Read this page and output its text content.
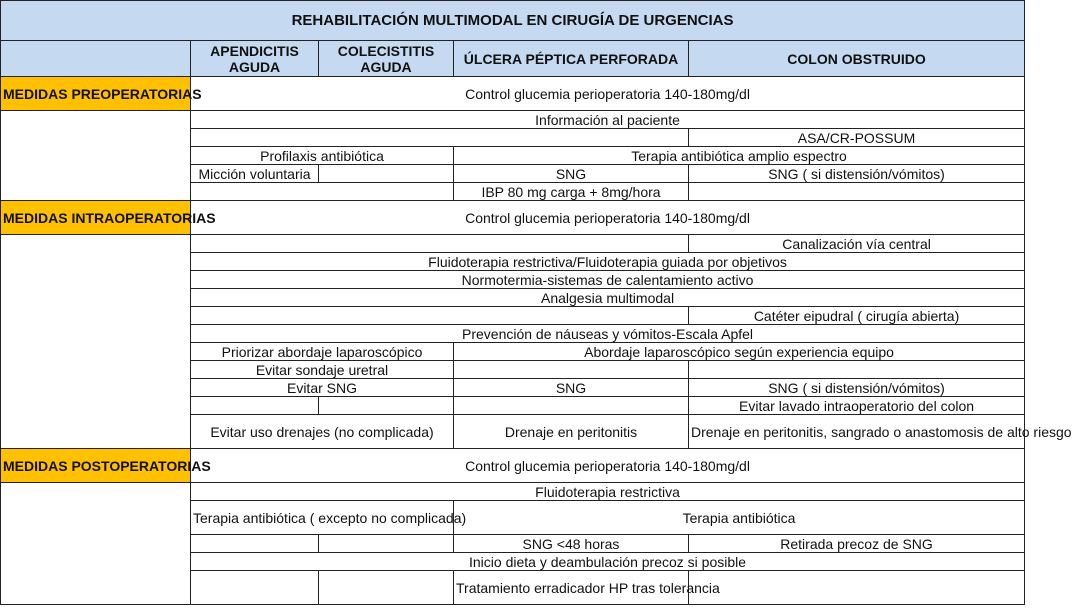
REHABILITACIÓN MULTIMODAL EN CIRUGÍA DE URGENCIAS				
	APENDICITIS AGUDA	COLECISTITIS AGUDA	ÚLCERA PÉPTICA PERFORADA	COLON OBSTRUIDO
MEDIDAS PREOPERATORIAS	Control glucemia perioperatoria 140-180mg/dl			
	Información al paciente			
				ASA/CR-POSSUM
	Profilaxis antibiótica		Terapia antibiótica amplio espectro	
	Micción voluntaria		SNG	SNG ( si distensión/vómitos)
			IBP 80 mg carga + 8mg/hora	
MEDIDAS INTRAOPERATORIAS	Control glucemia perioperatoria 140-180mg/dl			
				Canalización vía central
	Fluidoterapia restrictiva/Fluidoterapia guiada por objetivos			
	Normotermia-sistemas de calentamiento activo			
	Analgesia multimodal			
				Catéter eipudral ( cirugía abierta)
	Prevención de náuseas y vómitos-Escala Apfel			
	Priorizar abordaje laparoscópico		Abordaje laparoscópico según experiencia equipo	
	Evitar sondaje uretral			
	Evitar SNG		SNG	SNG ( si distensión/vómitos)
				Evitar lavado intraoperatorio del colon
	Evitar uso drenajes (no complicada)		Drenaje en peritonitis	Drenaje en peritonitis, sangrado o anastomosis de alto riesgo
MEDIDAS POSTOPERATORIAS	Control glucemia perioperatoria 140-180mg/dl			
	Fluidoterapia restrictiva			
	Terapia antibiótica ( excepto no complicada)		Terapia antibiótica	
			SNG <48 horas	Retirada precoz de SNG
	Inicio dieta y deambulación precoz si posible			
			Tratamiento erradicador HP tras tolerancia	
